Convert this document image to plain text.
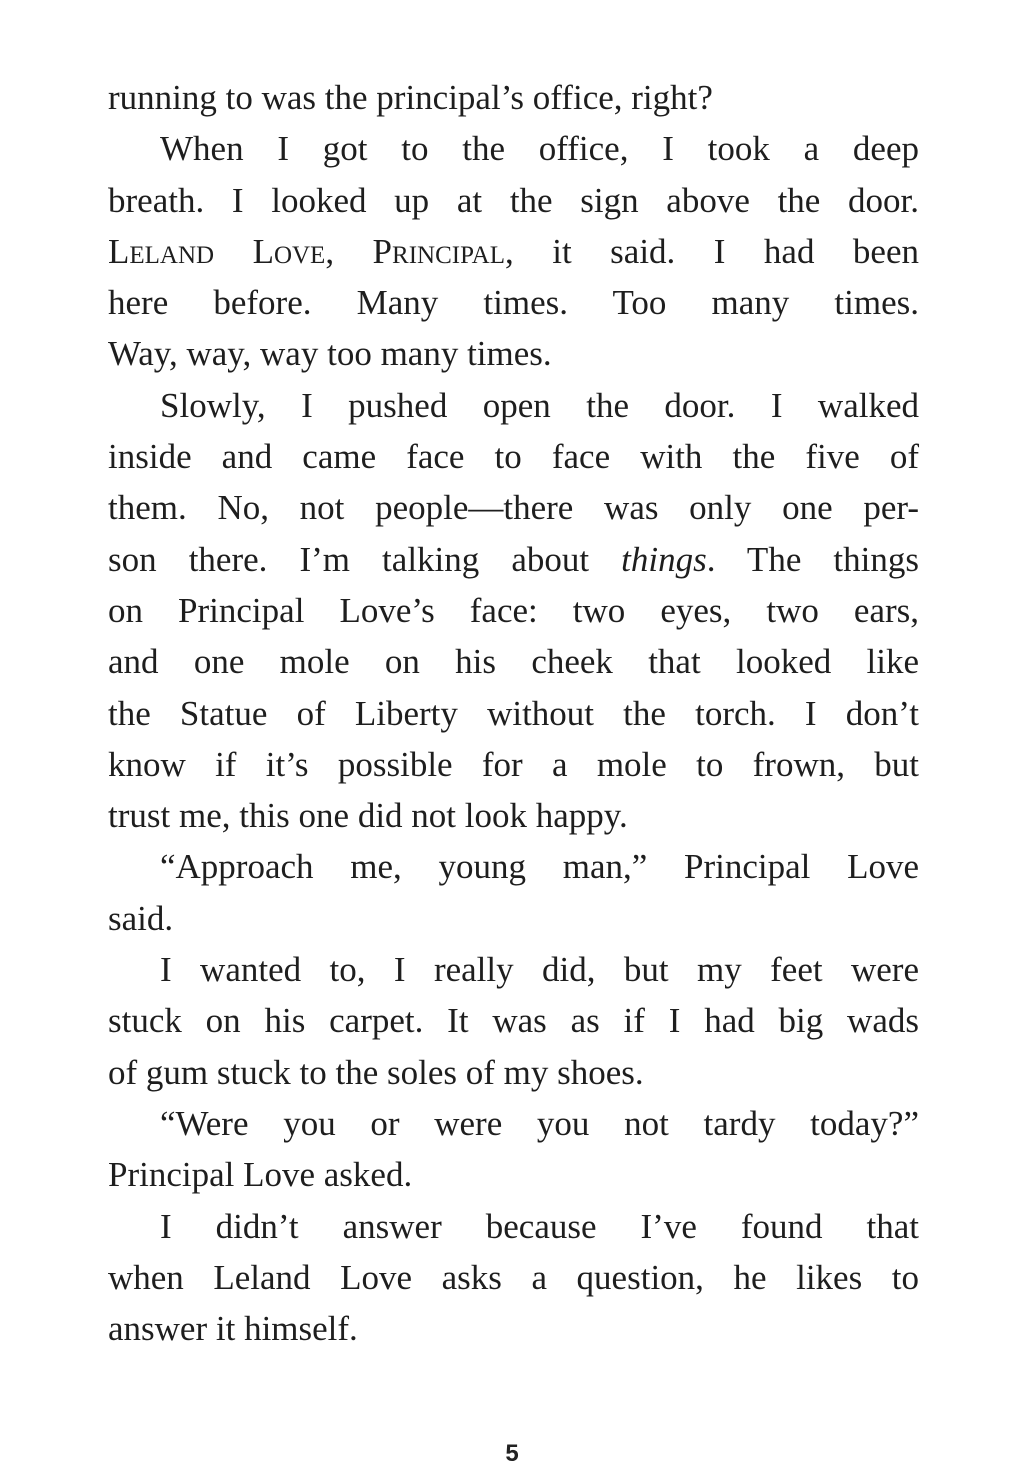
running to was the principal’s office, right?

When I got to the office, I took a deep
breath. I looked up at the sign above the door.
Leland Love, Principal, it said. I had been
here before. Many times. Too many times.
Way, way, way too many times.

Slowly, I pushed open the door. I walked
inside and came face to face with the five of
them. No, not people—there was only one per-
son there. I’m talking about things. The things
on Principal Love’s face: two eyes, two ears,
and one mole on his cheek that looked like
the Statue of Liberty without the torch. I don’t
know if it’s possible for a mole to frown, but
trust me, this one did not look happy.

“Approach me, young man,” Principal Love
said.

I wanted to, I really did, but my feet were
stuck on his carpet. It was as if I had big wads
of gum stuck to the soles of my shoes.

“Were you or were you not tardy today?”
Principal Love asked.

I didn’t answer because I’ve found that
when Leland Love asks a question, he likes to
answer it himself.

5
